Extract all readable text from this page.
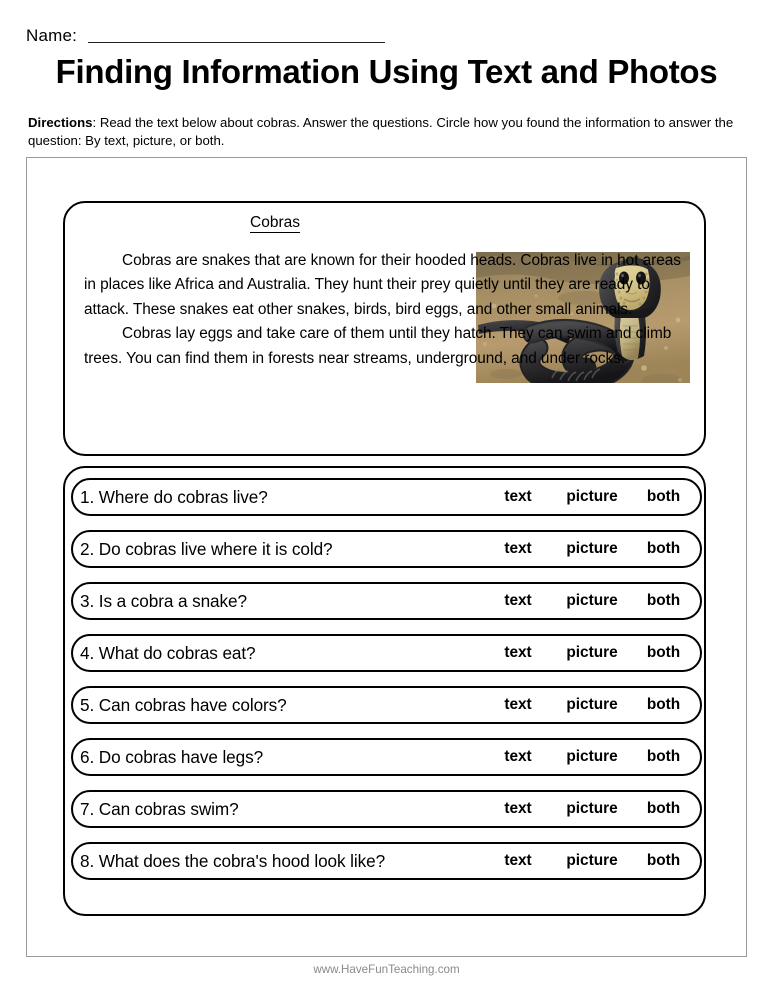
Name:
Finding Information Using Text and Photos
Directions: Read the text below about cobras. Answer the questions. Circle how you found the information to answer the question: By text, picture, or both.
Cobras

Cobras are snakes that are known for their hooded heads. Cobras live in hot areas in places like Africa and Australia. They hunt their prey quietly until they are ready to attack. These snakes eat other snakes, birds, bird eggs, and other small animals.

Cobras lay eggs and take care of them until they hatch. They can swim and climb trees. You can find them in forests near streams, underground, and under rocks.

1. Where do cobras live?	text	picture	both
2. Do cobras live where it is cold?	text	picture	both
3. Is a cobra a snake?	text	picture	both
4. What do cobras eat?	text	picture	both
5. Can cobras have colors?	text	picture	both
6. Do cobras have legs?	text	picture	both
7. Can cobras swim?	text	picture	both
8. What does the cobra's hood look like?	text	picture	both
www.HaveFunTeaching.com
